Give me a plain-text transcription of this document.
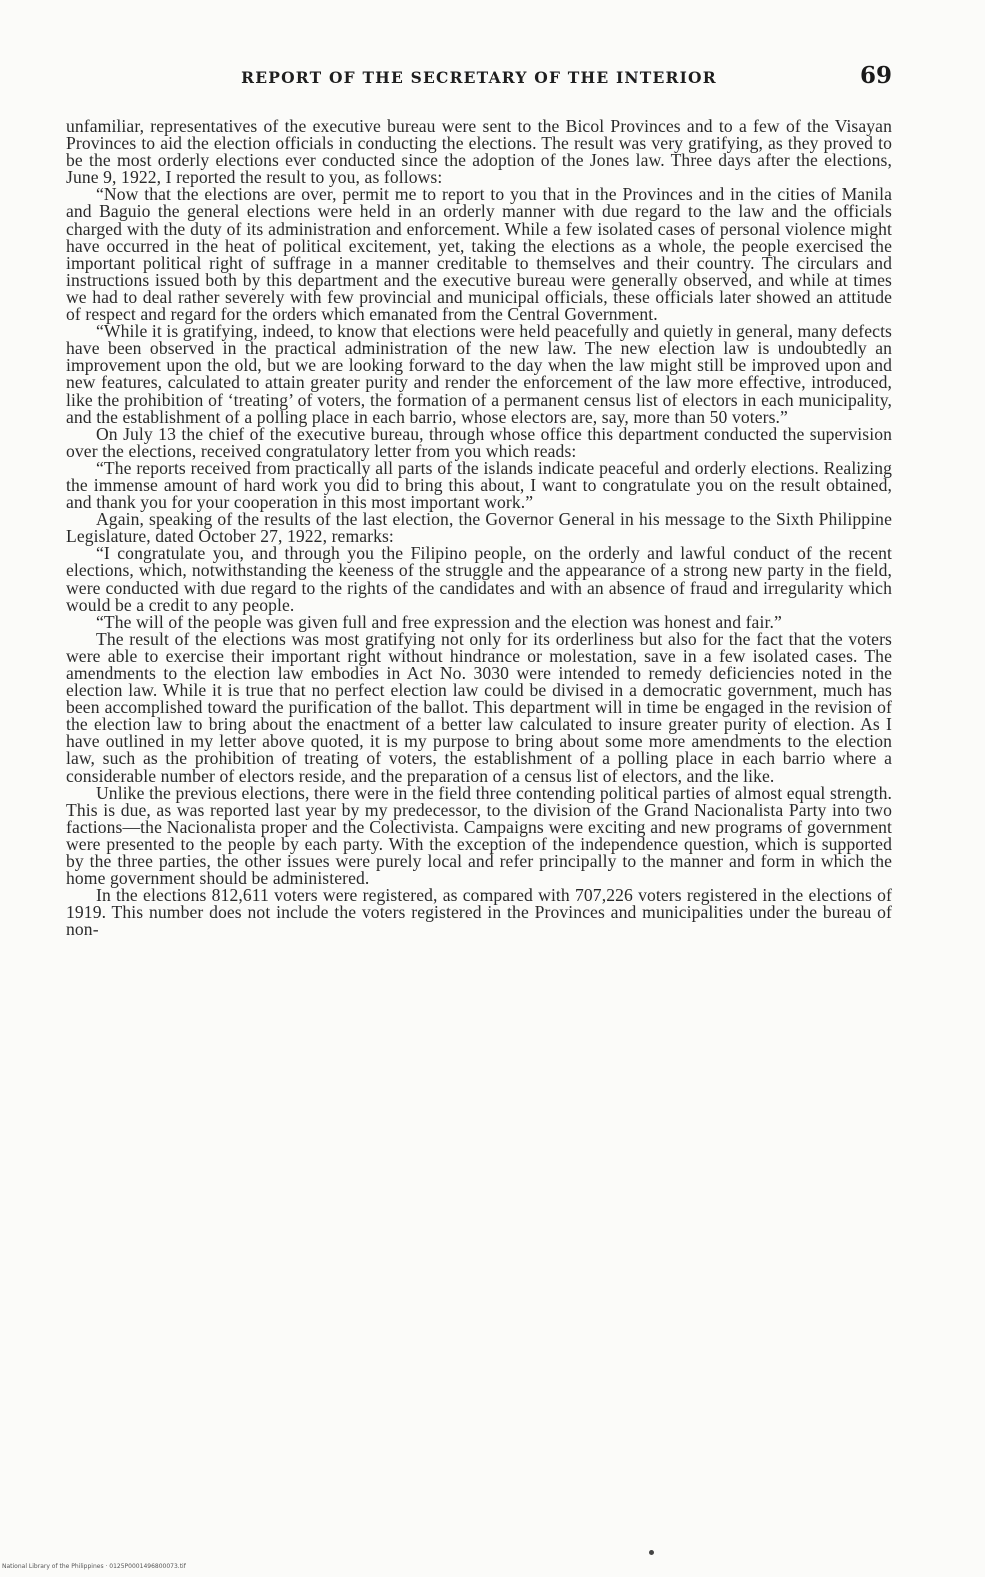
REPORT OF THE SECRETARY OF THE INTERIOR	69

unfamiliar, representatives of the executive bureau were sent to the Bicol Provinces and to a few of the Visayan Provinces to aid the election officials in conducting the elections. The result was very gratifying, as they proved to be the most orderly elections ever conducted since the adoption of the Jones law. Three days after the elections, June 9, 1922, I reported the result to you, as follows:

“Now that the elections are over, permit me to report to you that in the Provinces and in the cities of Manila and Baguio the general elections were held in an orderly manner with due regard to the law and the officials charged with the duty of its administration and enforcement. While a few isolated cases of personal violence might have occurred in the heat of political excitement, yet, taking the elections as a whole, the people exercised the important political right of suffrage in a manner creditable to themselves and their country. The circulars and instructions issued both by this department and the executive bureau were generally observed, and while at times we had to deal rather severely with few provincial and municipal officials, these officials later showed an attitude of respect and regard for the orders which emanated from the Central Government.

“While it is gratifying, indeed, to know that elections were held peacefully and quietly in general, many defects have been observed in the practical administration of the new law. The new election law is undoubtedly an improvement upon the old, but we are looking forward to the day when the law might still be improved upon and new features, calculated to attain greater purity and render the enforcement of the law more effective, introduced, like the prohibition of ‘treating’ of voters, the formation of a permanent census list of electors in each municipality, and the establishment of a polling place in each barrio, whose electors are, say, more than 50 voters.”

On July 13 the chief of the executive bureau, through whose office this department conducted the supervision over the elections, received congratulatory letter from you which reads:

“The reports received from practically all parts of the islands indicate peaceful and orderly elections. Realizing the immense amount of hard work you did to bring this about, I want to congratulate you on the result obtained, and thank you for your cooperation in this most important work.”

Again, speaking of the results of the last election, the Governor General in his message to the Sixth Philippine Legislature, dated October 27, 1922, remarks:

“I congratulate you, and through you the Filipino people, on the orderly and lawful conduct of the recent elections, which, notwithstanding the keeness of the struggle and the appearance of a strong new party in the field, were conducted with due regard to the rights of the candidates and with an absence of fraud and irregularity which would be a credit to any people.

“The will of the people was given full and free expression and the election was honest and fair.”

The result of the elections was most gratifying not only for its orderliness but also for the fact that the voters were able to exercise their important right without hindrance or molestation, save in a few isolated cases. The amendments to the election law embodies in Act No. 3030 were intended to remedy deficiencies noted in the election law. While it is true that no perfect election law could be divised in a democratic government, much has been accomplished toward the purification of the ballot. This department will in time be engaged in the revision of the election law to bring about the enactment of a better law calculated to insure greater purity of election. As I have outlined in my letter above quoted, it is my purpose to bring about some more amendments to the election law, such as the prohibition of treating of voters, the establishment of a polling place in each barrio where a considerable number of electors reside, and the preparation of a census list of electors, and the like.

Unlike the previous elections, there were in the field three contending political parties of almost equal strength. This is due, as was reported last year by my predecessor, to the division of the Grand Nacionalista Party into two factions—the Nacionalista proper and the Colectivista. Campaigns were exciting and new programs of government were presented to the people by each party. With the exception of the independence question, which is supported by the three parties, the other issues were purely local and refer principally to the manner and form in which the home government should be administered.

In the elections 812,611 voters were registered, as compared with 707,226 voters registered in the elections of 1919. This number does not include the voters registered in the Provinces and municipalities under the bureau of non-

National Library of the Philippines · 0125P0001496800073.tif
